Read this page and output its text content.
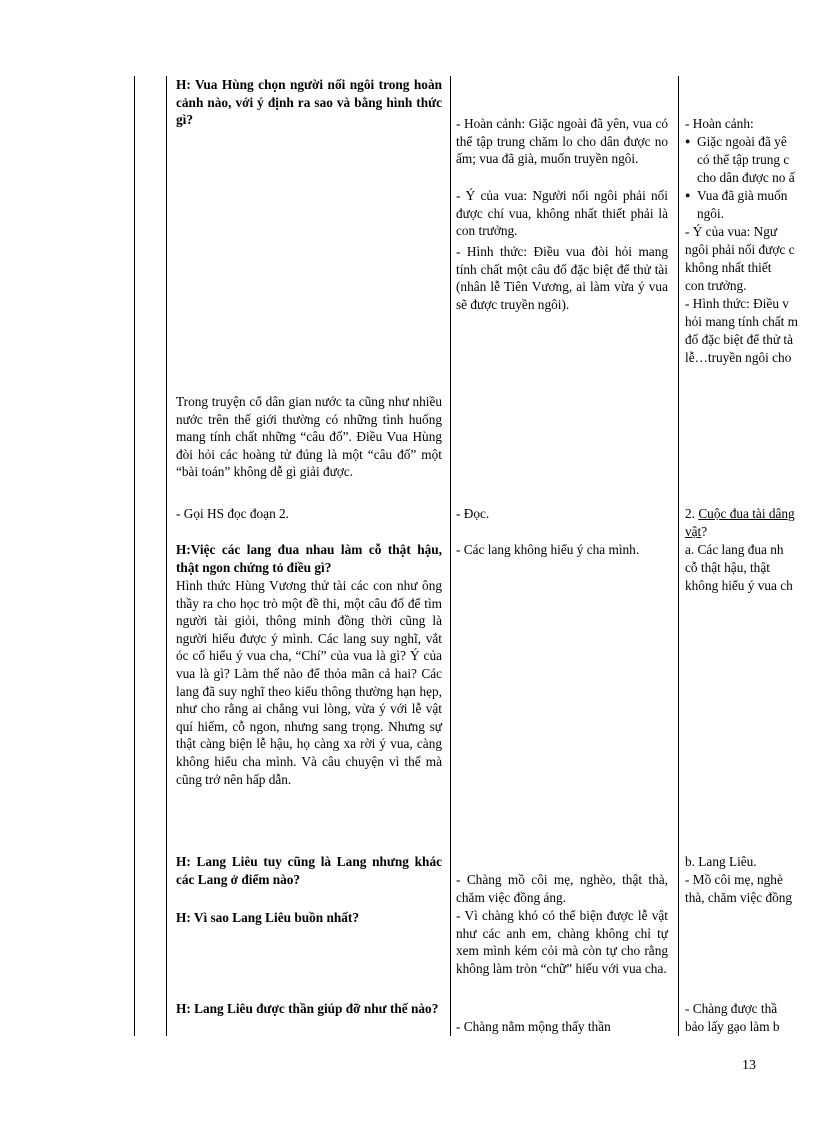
H: Vua Hùng chọn người nối ngôi trong hoàn cảnh nào, với ý định ra sao và bằng hình thức gì?

Trong truyện cổ dân gian nước ta cũng như nhiều nước trên thế giới thường có những tình huống mang tính chất những “câu đố”. Điều Vua Hùng đòi hỏi các hoàng tử đúng là một “câu đố” một “bài toán” không dễ gì giải được.

- Gọi HS đọc đoạn 2.

H:Việc các lang đua nhau làm cỗ thật hậu, thật ngon chứng tỏ điều gì?

Hình thức Hùng Vương thử tài các con như ông thầy ra cho học trò một đề thi, một câu đố để tìm người tài giỏi, thông minh đồng thời cũng là người hiểu được ý mình. Các lang suy nghĩ, vắt óc cố hiểu ý vua cha, “Chí” của vua là gì? Ý của vua là gì? Làm thế nào để thỏa mãn cả hai? Các lang đã suy nghĩ theo kiểu thông thường hạn hẹp, như cho rằng ai chẳng vui lòng, vừa ý với lễ vật quí hiếm, cỗ ngon, nhưng sang trọng. Nhưng sự thật càng biện lễ hậu, họ càng xa rời ý vua, càng không hiểu cha mình. Và câu chuyện vì thế mà cũng trở nên hấp dẫn.

H: Lang Liêu tuy cũng là Lang nhưng khác các Lang ở điểm nào?

H: Vì sao Lang Liêu buồn nhất?

H: Lang Liêu được thần giúp đỡ như thế nào?

- Hoàn cảnh: Giặc ngoài đã yên, vua có thể tập trung chăm lo cho dân được no ấm; vua đã già, muốn truyền ngôi.

- Ý của vua: Người nối ngôi phải nối được chí vua, không nhất thiết phải là con trưởng.

- Hình thức: Điều vua đòi hỏi mang tính chất một câu đố đặc biệt để thử tài (nhân lễ Tiên Vương, ai làm vừa ý vua sẽ được truyền ngôi).

- Đọc.

- Các lang không hiểu ý cha mình.

- Chàng mồ côi mẹ, nghèo, thật thà, chăm việc đồng áng.

- Vì chàng khó có thể biện được lễ vật như các anh em, chàng không chỉ tự xem mình kém cỏi mà còn tự cho rằng không làm tròn “chữ” hiếu với vua cha.

- Chàng nằm mộng thấy thần

- Hoàn cảnh:

● Giặc ngoài đã yê

có thể tập trung c

cho dân được no ấ

● Vua đã già muốn

ngôi.

- Ý của vua: Ngư

ngôi phải nối được c

không nhất thiết

con trưởng.

- Hình thức: Điều v

hỏi mang tính chất m

đố đặc biệt để thử tà

lễ…truyền ngôi cho

2. Cuộc đua tài dâng

vật?

a. Các lang đua nh

cỗ thật hậu, thật

không hiểu ý vua ch

b. Lang Liêu.

- Mồ côi mẹ, nghè

thà, chăm việc đồng

- Chàng được thầ

bảo lấy gạo làm b

13
